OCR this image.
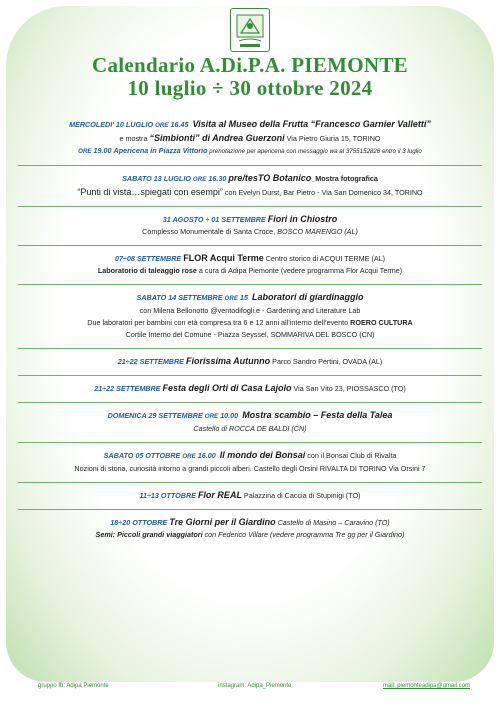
Calendario A.Di.P.A. PIEMONTE
10 luglio ÷ 30 ottobre 2024
MERCOLEDI' 10 LUGLIO ORE 16.45 Visita al Museo della Frutta “Francesco Garnier Valletti”
e mostra “Simbionti” di Andrea Guerzoni Via Pietro Giuria 15, TORINO
ORE 19.00 Apericena in Piazza Vittorio prenotazione per apericena con messaggio wa al 3755152826 entro il 3 luglio
SABATO 13 LUGLIO ORE 16.30 pre/tesTO Botanico_Mostra fotografica
“Punti di vista…spiegati con esempi” con Evelyn Durst, Bar Pietro - Via San Domenico 34, TORINO
31 AGOSTO ÷ 01 SETTEMBRE Fiori in Chiostro
Complesso Monumentale di Santa Croce, BOSCO MARENGO (AL)
07÷08 SETTEMBRE FLOR Acqui Terme Centro storico di ACQUI TERME (AL)
Laboratorio di taleaggio rose a cura di Adipa Piemonte (vedere programma Flor Acqui Terme)
SABATO 14 SETTEMBRE ORE 15 Laboratori di giardinaggio
con Milena Bellonotto @ventodifogli.e - Gardening and Literature Lab
Due laboratori per bambini con età compresa tra 6 e 12 anni all’interno dell’evento ROERO CULTURA
Cortile Interno del Comune - Piazza Seyssel, SOMMARIVA DEL BOSCO (CN)
21÷22 SETTEMBRE Fiorissima Autunno Parco Sandro Pertini, OVADA (AL)
21÷22 SETTEMBRE Festa degli Orti di Casa Lajolo Via San Vito 23, PIOSSASCO (TO)
DOMENICA 29 SETTEMBRE ORE 10.00 Mostra scambio – Festa della Talea
Castello di ROCCA DE BALDI (CN)
SABATO 05 OTTOBRE ORE 16.00 Il mondo dei Bonsai con il Bonsai Club di Rivalta
Nozioni di storia, curiosità intorno a grandi piccoli alberi. Castello degli Orsini RIVALTA DI TORINO Via Orsini 7
11÷13 OTTOBRE Flor REAL Palazzina di Caccia di Stupinigi (TO)
18÷20 OTTOBRE Tre Giorni per il Giardino Castello di Masino – Caravino (TO)
Semi: Piccoli grandi viaggiatori con Federico Villare (vedere programma Tre gg per il Giardino)
gruppo fb: Adipa Piemonte	instagram: Adipa_Piemonte	mail: piemonteadipa@gmail.com
